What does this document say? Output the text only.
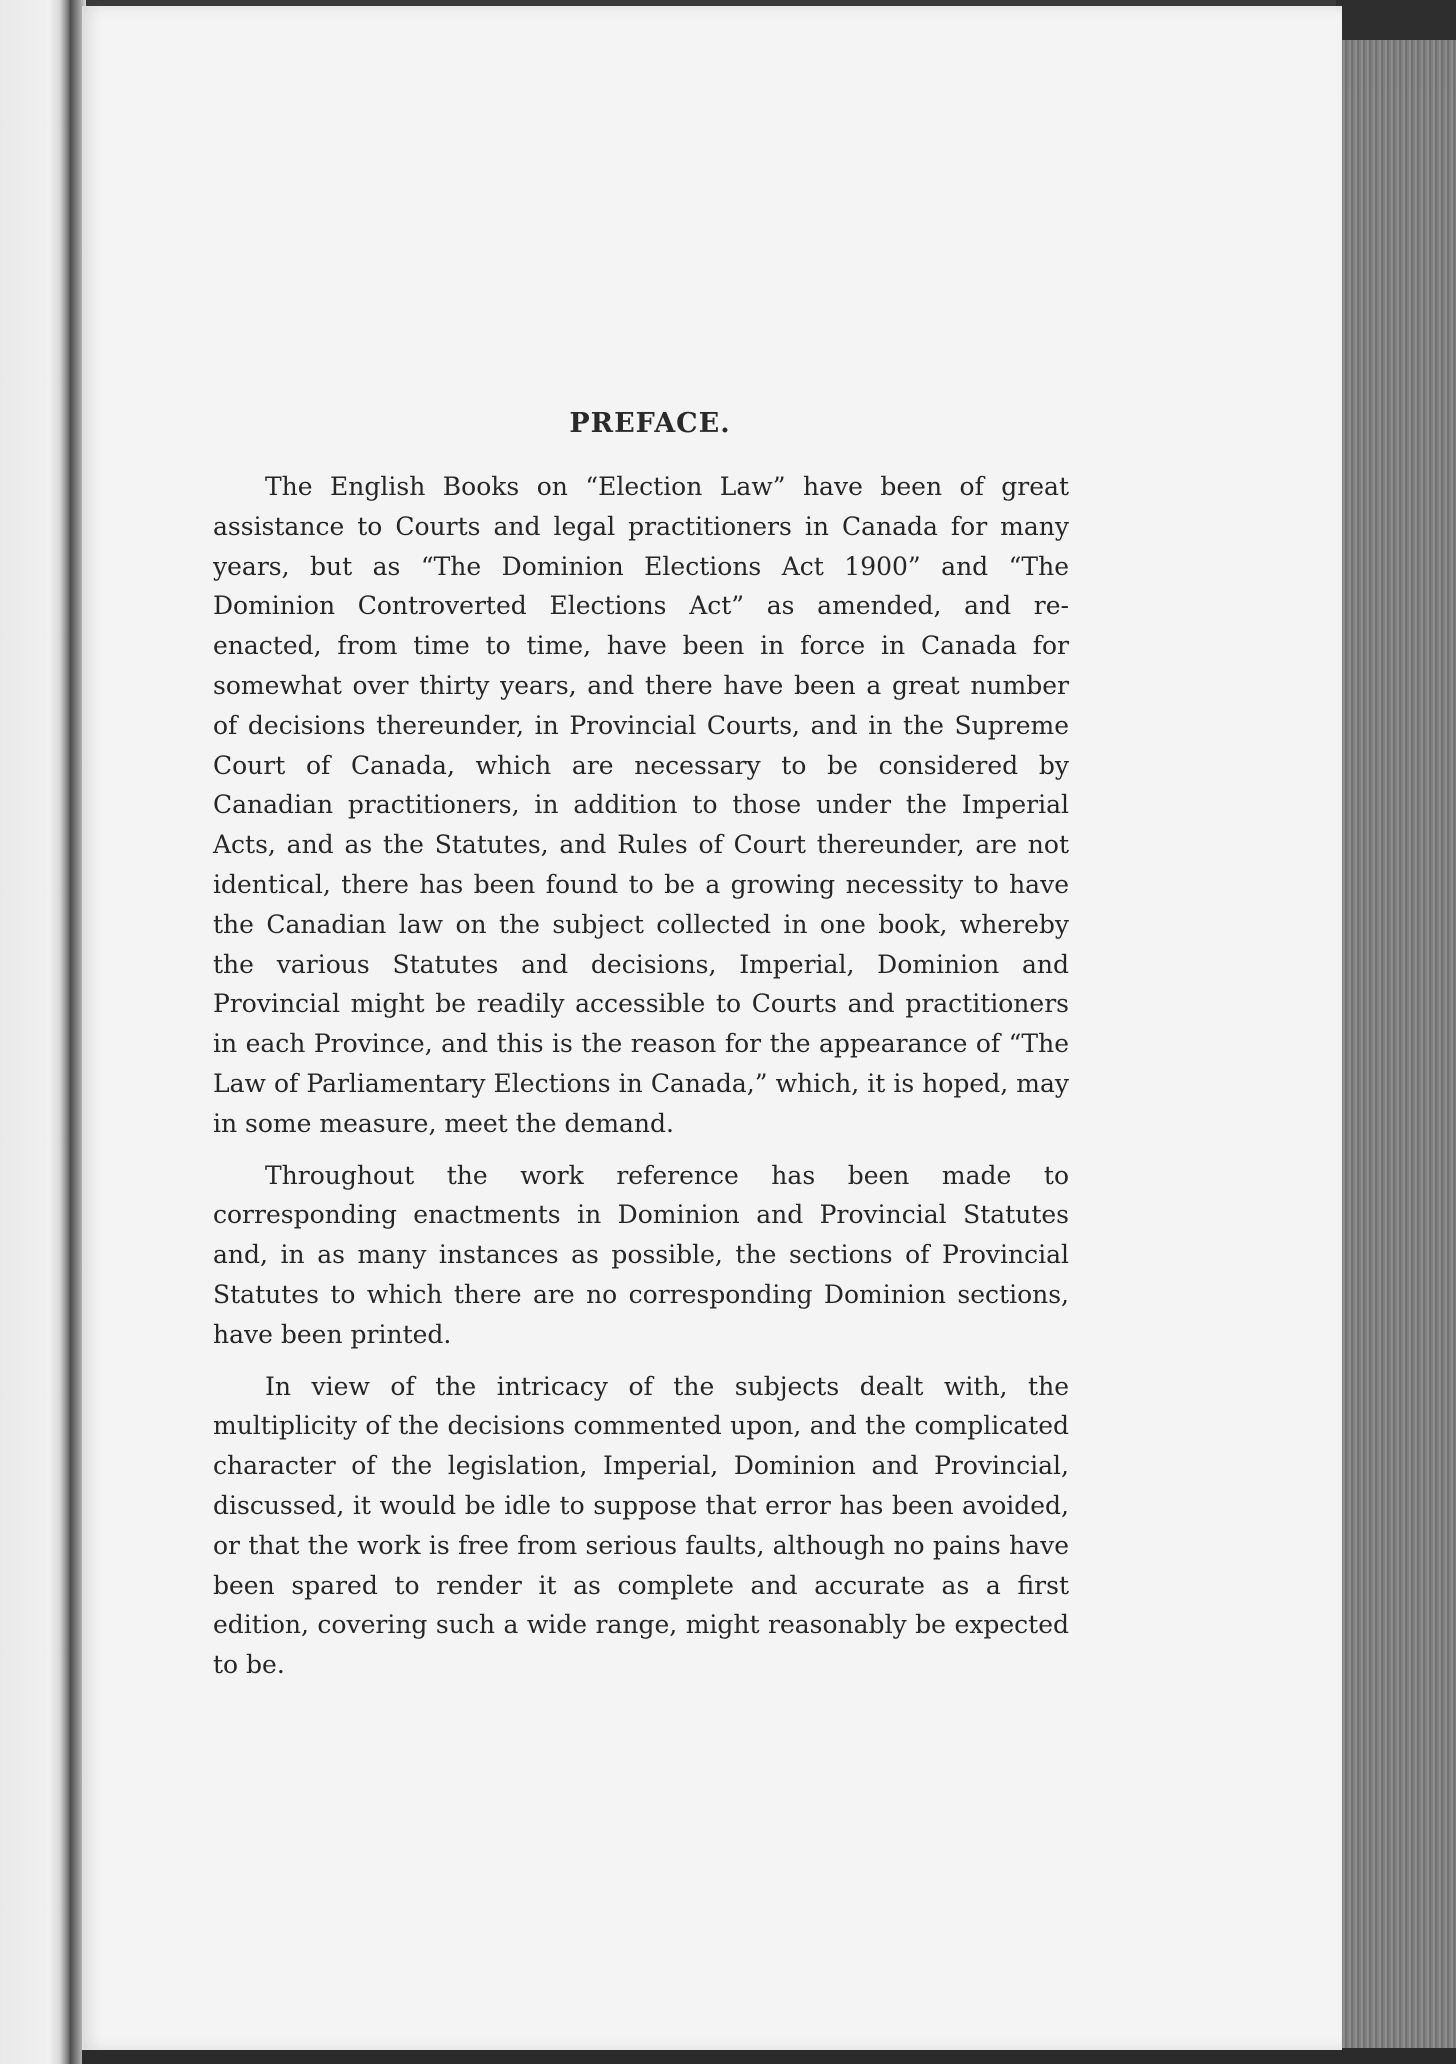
PREFACE.

The English Books on “Election Law” have been of great assistance to Courts and legal practitioners in Canada for many years, but as “The Dominion Elections Act 1900” and “The Dominion Controverted Elections Act” as amended, and re-enacted, from time to time, have been in force in Canada for somewhat over thirty years, and there have been a great number of decisions thereunder, in Provincial Courts, and in the Supreme Court of Canada, which are necessary to be considered by Canadian practitioners, in addition to those under the Imperial Acts, and as the Statutes, and Rules of Court thereunder, are not identical, there has been found to be a growing necessity to have the Canadian law on the subject collected in one book, whereby the various Statutes and decisions, Imperial, Dominion and Provincial might be readily accessible to Courts and practitioners in each Province, and this is the reason for the appearance of “The Law of Parliamentary Elections in Canada,” which, it is hoped, may in some measure, meet the demand.

Throughout the work reference has been made to corresponding enactments in Dominion and Provincial Statutes and, in as many instances as possible, the sections of Provincial Statutes to which there are no corresponding Dominion sections, have been printed.

In view of the intricacy of the subjects dealt with, the multiplicity of the decisions commented upon, and the complicated character of the legislation, Imperial, Dominion and Provincial, discussed, it would be idle to suppose that error has been avoided, or that the work is free from serious faults, although no pains have been spared to render it as complete and accurate as a first edition, covering such a wide range, might reasonably be expected to be.
